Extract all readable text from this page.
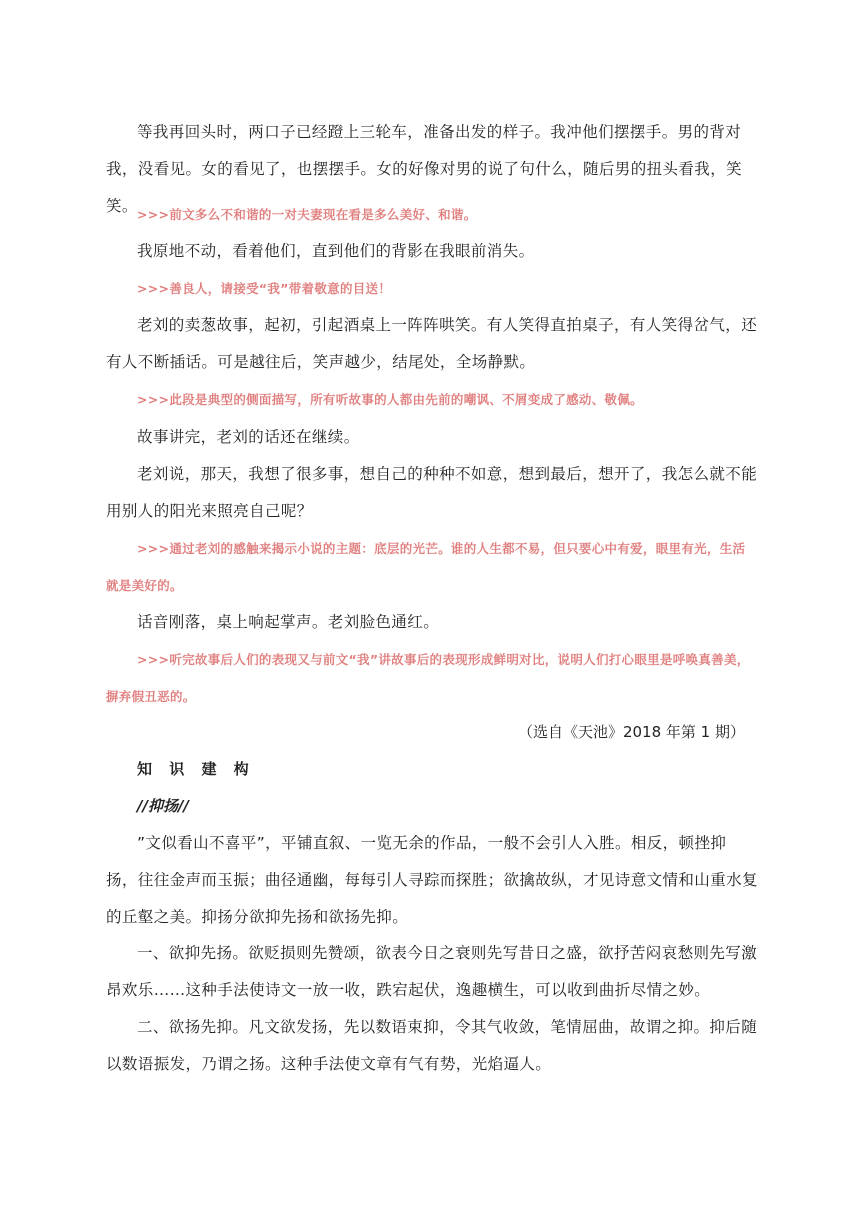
等我再回头时，两口子已经蹬上三轮车，准备出发的样子。我冲他们摆摆手。男的背对我，没看见。女的看见了，也摆摆手。女的好像对男的说了句什么，随后男的扭头看我，笑笑。 >>>前文多么不和谐的一对夫妻现在看是多么美好、和谐。

我原地不动，看着他们，直到他们的背影在我眼前消失。

>>>善良人，请接受“我”带着敬意的目送！

老刘的卖葱故事，起初，引起酒桌上一阵阵哄笑。有人笑得直拍桌子，有人笑得岔气，还有人不断插话。可是越往后，笑声越少，结尾处，全场静默。

>>>此段是典型的侧面描写，所有听故事的人都由先前的嘲讽、不屑变成了感动、敬佩。

故事讲完，老刘的话还在继续。

老刘说，那天，我想了很多事，想自己的种种不如意，想到最后，想开了，我怎么就不能用别人的阳光来照亮自己呢？

>>>通过老刘的感触来揭示小说的主题：底层的光芒。谁的人生都不易，但只要心中有爱，眼里有光，生活就是美好的。

话音刚落，桌上响起掌声。老刘脸色通红。

>>>听完故事后人们的表现又与前文“我”讲故事后的表现形成鲜明对比，说明人们打心眼里是呼唤真善美，摒弃假丑恶的。

（选自《天池》2018 年第 1 期）

知 识 建 构

//抑扬//

”文似看山不喜平”，平铺直叙、一览无余的作品，一般不会引人入胜。相反，顿挫抑扬，往往金声而玉振；曲径通幽，每每引人寻踪而探胜；欲擒故纵，才见诗意文情和山重水复的丘壑之美。抑扬分欲抑先扬和欲扬先抑。

一、欲抑先扬。欲贬损则先赞颂，欲表今日之衰则先写昔日之盛，欲抒苦闷哀愁则先写激昂欢乐……这种手法使诗文一放一收，跌宕起伏，逸趣横生，可以收到曲折尽情之妙。

二、欲扬先抑。凡文欲发扬，先以数语束抑，令其气收敛，笔情屈曲，故谓之抑。抑后随以数语振发，乃谓之扬。这种手法使文章有气有势，光焰逼人。
